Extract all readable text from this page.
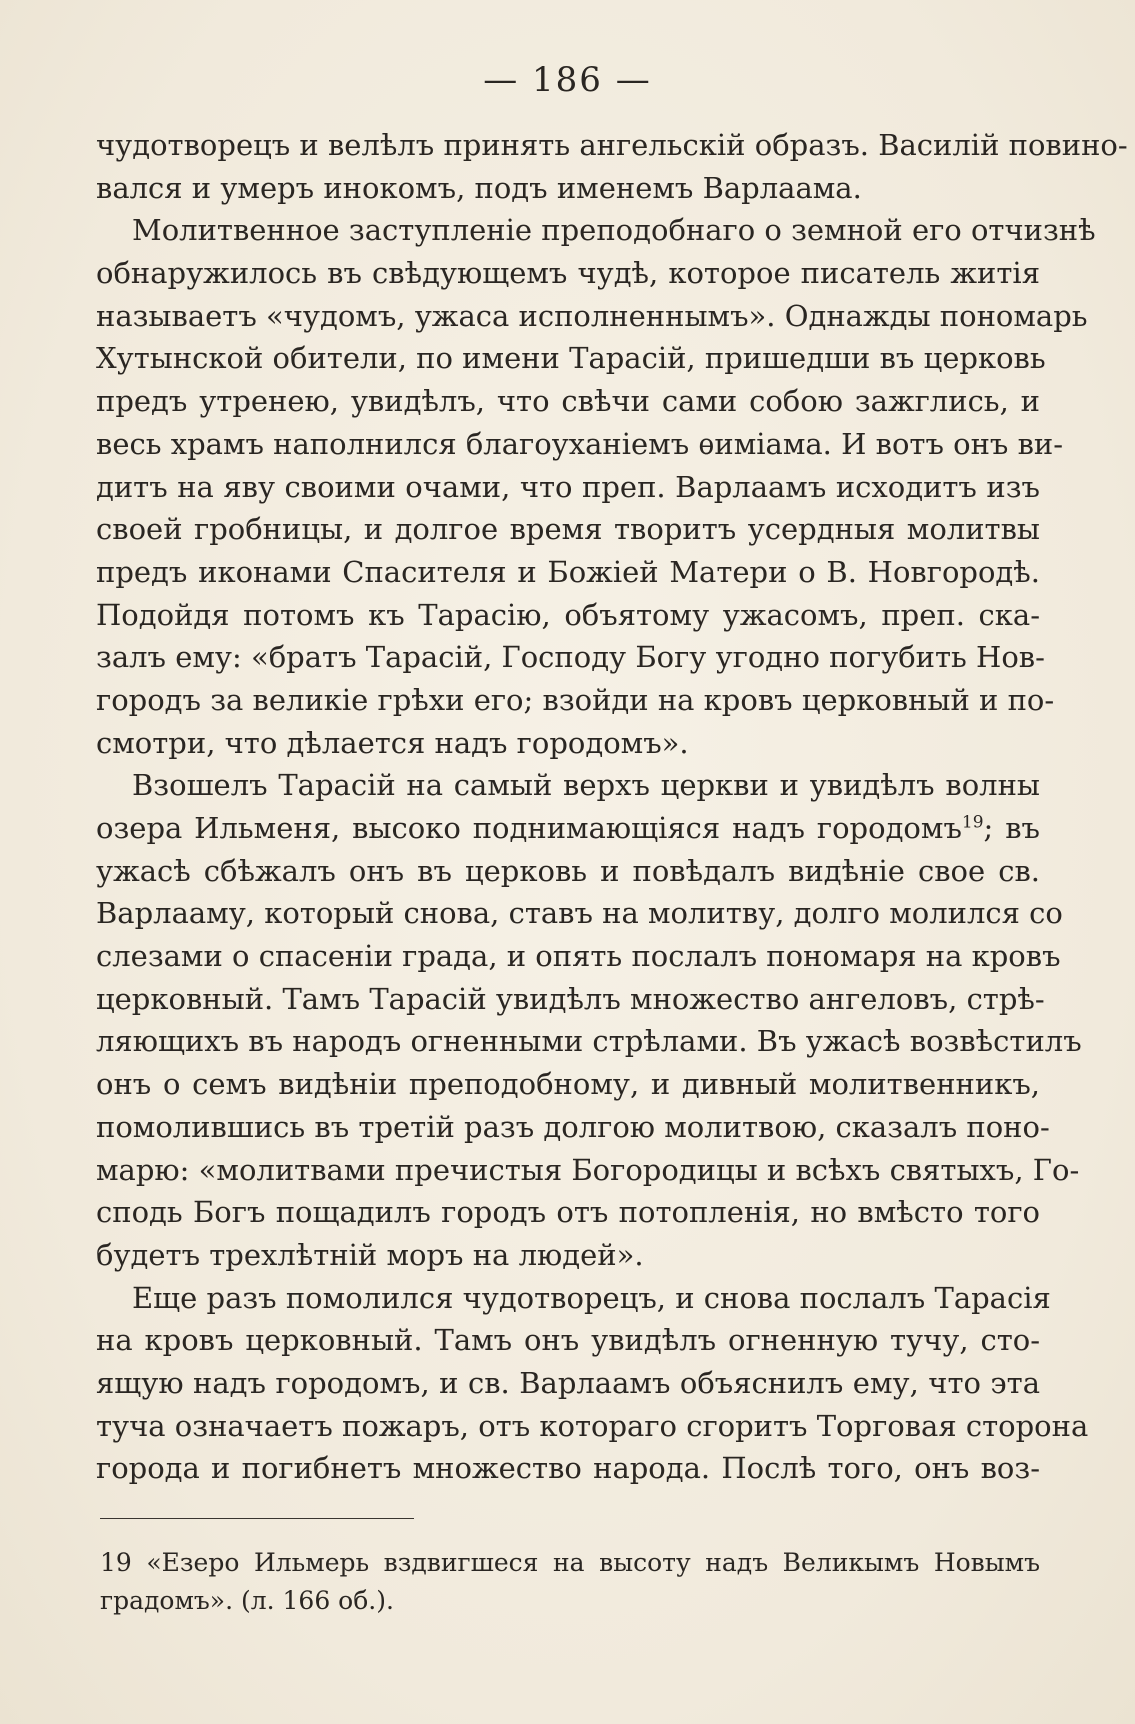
— 186 —
чудотворецъ и велѣлъ принять ангельскій образъ. Василій повино-
вался и умеръ инокомъ, подъ именемъ Варлаама.
Молитвенное заступленіе преподобнаго о земной его отчизнѣ
обнаружилось въ свѣдующемъ чудѣ, которое писатель житія
называетъ «чудомъ, ужаса исполненнымъ». Однажды пономарь
Хутынской обители, по имени Тарасій, пришедши въ церковь
предъ утренею, увидѣлъ, что свѣчи сами собою зажглись, и
весь храмъ наполнился благоуханіемъ ѳиміама. И вотъ онъ ви-
дитъ на яву своими очами, что преп. Варлаамъ исходитъ изъ
своей гробницы, и долгое время творитъ усердныя молитвы
предъ иконами Спасителя и Божіей Матери о В. Новгородѣ.
Подойдя потомъ къ Тарасію, объятому ужасомъ, преп. ска-
залъ ему: «братъ Тарасій, Господу Богу угодно погубить Нов-
городъ за великіе грѣхи его; взойди на кровъ церковный и по-
смотри, что дѣлается надъ городомъ».
Взошелъ Тарасій на самый верхъ церкви и увидѣлъ волны
озера Ильменя, высоко поднимающіяся надъ городомъ$^{19}$; въ
ужасѣ сбѣжалъ онъ въ церковь и повѣдалъ видѣніе свое св.
Варлааму, который снова, ставъ на молитву, долго молился со
слезами о спасеніи града, и опять послалъ пономаря на кровъ
церковный. Тамъ Тарасій увидѣлъ множество ангеловъ, стрѣ-
ляющихъ въ народъ огненными стрѣлами. Въ ужасѣ возвѣстилъ
онъ о семъ видѣніи преподобному, и дивный молитвенникъ,
помолившись въ третій разъ долгою молитвою, сказалъ поно-
марю: «молитвами пречистыя Богородицы и всѣхъ святыхъ, Го-
сподь Богъ пощадилъ городъ отъ потопленія, но вмѣсто того
будетъ трехлѣтній моръ на людей».
Еще разъ помолился чудотворецъ, и снова послалъ Тарасія
на кровъ церковный. Тамъ онъ увидѣлъ огненную тучу, сто-
ящую надъ городомъ, и св. Варлаамъ объяснилъ ему, что эта
туча означаетъ пожаръ, отъ котораго сгоритъ Торговая сторона
города и погибнетъ множество народа. Послѣ того, онъ воз-
19 «Езеро Ильмерь вздвигшеся на высоту надъ Великымъ Новымъ
градомъ». (л. 166 об.).
